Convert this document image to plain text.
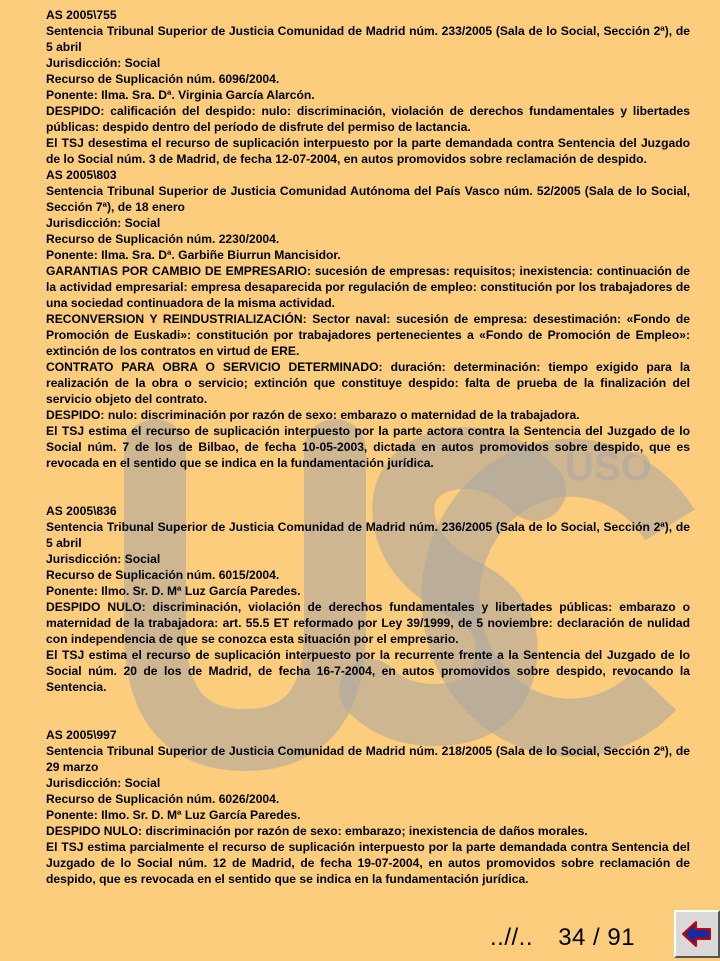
USO

AS 2005\755

Sentencia Tribunal Superior de Justicia Comunidad de Madrid núm. 233/2005 (Sala de lo Social, Sección 2ª), de 5 abril

Jurisdicción: Social

Recurso de Suplicación núm. 6096/2004.

Ponente: Ilma. Sra. Dª. Virginia García Alarcón.

DESPIDO: calificación del despido: nulo: discriminación, violación de derechos fundamentales y libertades públicas: despido dentro del período de disfrute del permiso de lactancia.

El TSJ desestima el recurso de suplicación interpuesto por la parte demandada contra Sentencia del Juzgado de lo Social núm. 3 de Madrid, de fecha 12-07-2004, en autos promovidos sobre reclamación de despido.

AS 2005\803

Sentencia Tribunal Superior de Justicia Comunidad Autónoma del País Vasco núm. 52/2005 (Sala de lo Social, Sección 7ª), de 18 enero

Jurisdicción: Social

Recurso de Suplicación núm. 2230/2004.

Ponente: Ilma. Sra. Dª. Garbiñe Biurrun Mancisidor.

GARANTIAS POR CAMBIO DE EMPRESARIO: sucesión de empresas: requisitos; inexistencia: continuación de la actividad empresarial: empresa desaparecida por regulación de empleo: constitución por los trabajadores de una sociedad continuadora de la misma actividad.

RECONVERSION Y REINDUSTRIALIZACIÓN: Sector naval: sucesión de empresa: desestimación: «Fondo de Promoción de Euskadi»: constitución por trabajadores pertenecientes a «Fondo de Promoción de Empleo»: extinción de los contratos en virtud de ERE.

CONTRATO PARA OBRA O SERVICIO DETERMINADO: duración: determinación: tiempo exigido para la realización de la obra o servicio; extinción que constituye despido: falta de prueba de la finalización del servicio objeto del contrato.

DESPIDO: nulo: discriminación por razón de sexo: embarazo o maternidad de la trabajadora.

El TSJ estima el recurso de suplicación interpuesto por la parte actora contra la Sentencia del Juzgado de lo Social núm. 7 de los de Bilbao, de fecha 10-05-2003, dictada en autos promovidos sobre despido, que es revocada en el sentido que se indica en la fundamentación jurídica.

AS 2005\836

Sentencia Tribunal Superior de Justicia Comunidad de Madrid núm. 236/2005 (Sala de lo Social, Sección 2ª), de 5 abril

Jurisdicción: Social

Recurso de Suplicación núm. 6015/2004.

Ponente: Ilmo. Sr. D. Mª Luz García Paredes.

DESPIDO NULO: discriminación, violación de derechos fundamentales y libertades públicas: embarazo o maternidad de la trabajadora: art. 55.5 ET reformado por Ley 39/1999, de 5 noviembre: declaración de nulidad con independencia de que se conozca esta situación por el empresario.

El TSJ estima el recurso de suplicación interpuesto por la recurrente frente a la Sentencia del Juzgado de lo Social núm. 20 de los de Madrid, de fecha 16-7-2004, en autos promovidos sobre despido, revocando la Sentencia.

AS 2005\997

Sentencia Tribunal Superior de Justicia Comunidad de Madrid núm. 218/2005 (Sala de lo Social, Sección 2ª), de 29 marzo

Jurisdicción: Social

Recurso de Suplicación núm. 6026/2004.

Ponente: Ilmo. Sr. D. Mª Luz García Paredes.

DESPIDO NULO: discriminación por razón de sexo: embarazo; inexistencia de daños morales.

El TSJ estima parcialmente el recurso de suplicación interpuesto por la parte demandada contra Sentencia del Juzgado de lo Social núm. 12 de Madrid, de fecha 19-07-2004, en autos promovidos sobre reclamación de despido, que es revocada en el sentido que se indica en la fundamentación jurídica.

..//.. 34 / 91
